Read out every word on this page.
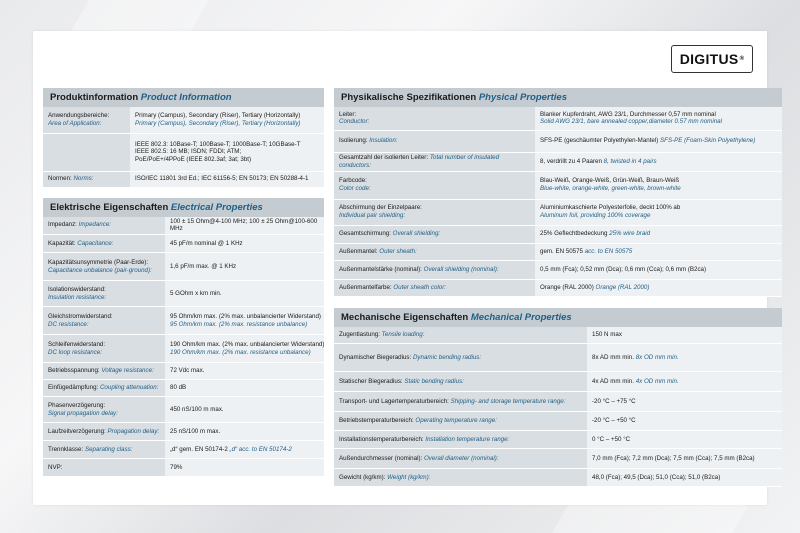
DIGITUS ®
Produktinformation Product Information
Anwendungsbereiche:
Area of Application:	Primary (Campus), Secondary (Riser), Tertiary (Horizontally)
Primary (Campus), Secondary (Riser), Tertiary (Horizontally)

	IEEE 802.3: 10Base-T; 100Base-T; 1000Base-T; 10GBase-T
IEEE 802.5: 16 MB; ISDN; FDDI; ATM;
PoE/PoE+/4PPoE (IEEE 802.3af; 3at; 3bt)

Normen: Norms:	ISO/IEC 11801 3rd Ed.; IEC 61156-5; EN 50173; EN 50288-4-1
Elektrische Eigenschaften Electrical Properties
Impedanz: Impedance:	100 ± 15 Ohm@4-100 MHz; 100 ± 25 Ohm@100-600 MHz
Kapazität: Capacitance:	45 pF/m nominal @ 1 KHz

Kapazitätsunsymmetrie (Paar-Erde):
Capacitance unbalance (pair-ground):	1,6 pF/m max. @ 1 KHz

Isolationswiderstand:
Insulation resistance:	5 GOhm x km min.

Gleichstromwiderstand:
DC resistance:	95 Ohm/km max. (2% max. unbalancierter Widerstand)
95 Ohm/km max. (2% max. resistance unbalance)

Schleifenwiderstand:
DC loop resistance:	190 Ohm/km max. (2% max. unbalancierter Widerstand)
190 Ohm/km max. (2% max. resistance unbalance)

Betriebsspannung: Voltage resistance:	72 Vdc max.
Einfügedämpfung: Coupling attenuation:	80 dB

Phasenverzögerung:
Signal propagation delay:	450 nS/100 m max.
Laufzeitverzögerung: Propagation delay:	25 nS/100 m max.
Trennklasse: Separating class:	„d“ gem. EN 50174-2 „d“ acc. to EN 50174-2
NVP:	79%
Physikalische Spezifikationen Physical Properties
Leiter:
Conductor:	Blanker Kupferdraht, AWG 23/1, Durchmesser 0,57 mm nominal
Solid AWG 23/1, bare annealed copper,diameter 0.57 mm nominal

Isolierung: Insulation:	SFS-PE (geschäumter Polyethylen-Mantel) SFS-PE (Foam-Skin Polyethylene)
Gesamtzahl der isolierten Leiter: Total number of insulated conductors:	8, verdrillt zu 4 Paaren 8, twisted in 4 pairs

Farbcode:
Color code:	Blau-Weiß, Orange-Weiß, Grün-Weiß, Braun-Weiß
Blue-white, orange-white, green-white, brown-white

Abschirmung der Einzelpaare:
Individual pair shielding:	Aluminiumkaschierte Polyesterfolie, deckt 100% ab
Aluminum foil, providing 100% coverage

Gesamtschirmung: Overall shielding:	25% Geflechtbedeckung 25% wire braid
Außenmantel: Outer sheath:	gem. EN 50575 acc. to EN 50575
Außenmantelstärke (nominal): Overall shielding (nominal):	0,5 mm (Fca); 0,52 mm (Dca); 0,6 mm (Cca); 0,6 mm (B2ca)
Außenmantelfarbe: Outer sheath color:	Orange (RAL 2000) Orange (RAL 2000)
Mechanische Eigenschaften Mechanical Properties
Zugentlastung: Tensile loading:	150 N max
Dynamischer Biegeradius: Dynamic bending radius:	8x AD mm min. 8x OD mm min.
Statischer Biegeradius: Static bending radius:	4x AD mm min. 4x OD mm min.
Transport- und Lagertemperaturbereich: Shipping- and storage temperature range:	-20 °C – +75 °C
Betriebstemperaturbereich: Operating temperature range:	-20 °C – +50 °C
Installationstemperaturbereich: Installation temperature range:	0 °C – +50 °C
Außendurchmesser (nominal): Overall diameter (nominal):	7,0 mm (Fca); 7,2 mm (Dca); 7,5 mm (Cca); 7,5 mm (B2ca)
Gewicht (kg/km): Weight (kg/km):	48,0 (Fca); 49,5 (Dca); 51,0 (Cca); 51,0 (B2ca)
